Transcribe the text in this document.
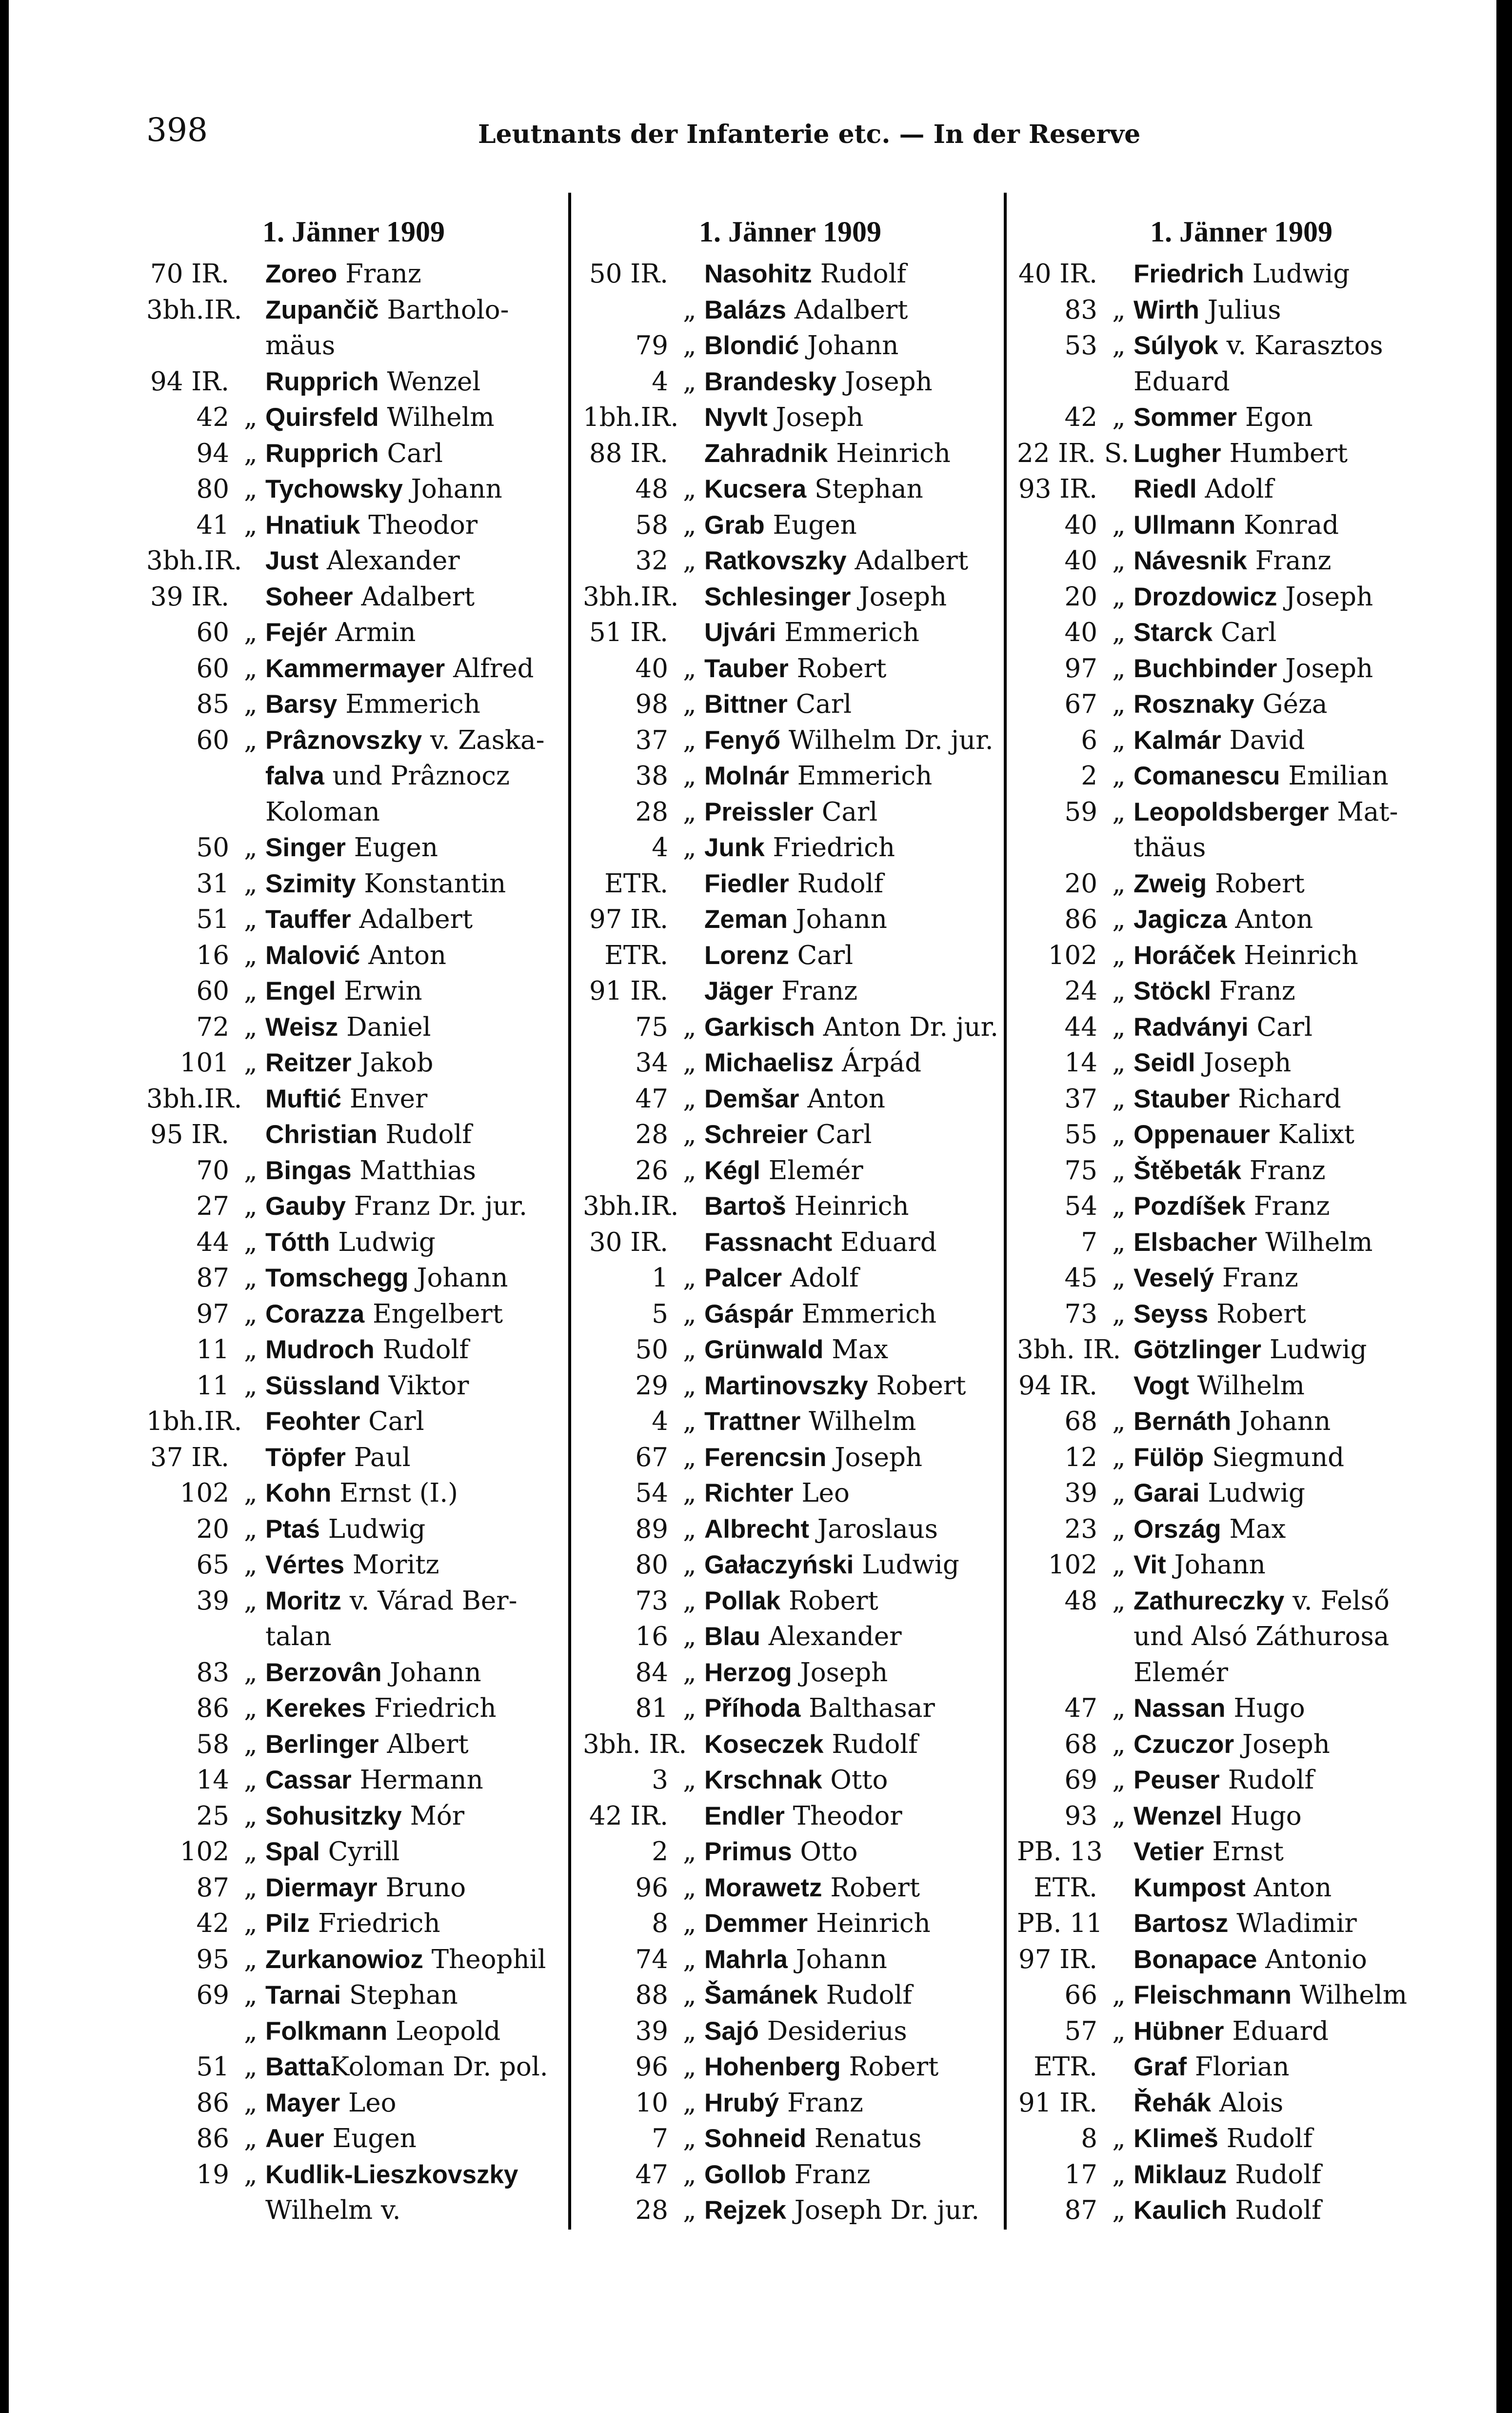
398	Leutnants der Infanterie etc. — In der Reserve
1. Jänner 1909
70 IR. Zoreo Franz
3bh.IR. Zupančič Bartholo-
mäus
94 IR. Rupprich Wenzel
42 „ Quirsfeld Wilhelm
94 „ Rupprich Carl
80 „ Tychowsky Johann
41 „ Hnatiuk Theodor
3bh.IR. Just Alexander
39 IR. Soheer Adalbert
60 „ Fejér Armin
60 „ Kammermayer Alfred
85 „ Barsy Emmerich
60 „ Prâznovszky v. Zaska-
falva und Prâznocz
Koloman
50 „ Singer Eugen
31 „ Szimity Konstantin
51 „ Tauffer Adalbert
16 „ Malović Anton
60 „ Engel Erwin
72 „ Weisz Daniel
101 „ Reitzer Jakob
3bh.IR. Muftić Enver
95 IR. Christian Rudolf
70 „ Bingas Matthias
27 „ Gauby Franz Dr. jur.
44 „ Tótth Ludwig
87 „ Tomschegg Johann
97 „ Corazza Engelbert
11 „ Mudroch Rudolf
11 „ Süssland Viktor
1bh.IR. Feohter Carl
37 IR. Töpfer Paul
102 „ Kohn Ernst (I.)
20 „ Ptaś Ludwig
65 „ Vértes Moritz
39 „ Moritz v. Várad Ber-
talan
83 „ Berzovân Johann
86 „ Kerekes Friedrich
58 „ Berlinger Albert
14 „ Cassar Hermann
25 „ Sohusitzky Mór
102 „ Spal Cyrill
87 „ Diermayr Bruno
42 „ Pilz Friedrich
95 „ Zurkanowioz Theophil
69 „ Tarnai Stephan
„ Folkmann Leopold
51 „ BattaKoloman Dr. pol.
86 „ Mayer Leo
86 „ Auer Eugen
19 „ Kudlik-Lieszkovszky
Wilhelm v.
1. Jänner 1909
50 IR. Nasohitz Rudolf
„ Balázs Adalbert
79 „ Blondić Johann
4 „ Brandesky Joseph
1bh.IR. Nyvlt Joseph
88 IR. Zahradnik Heinrich
48 „ Kucsera Stephan
58 „ Grab Eugen
32 „ Ratkovszky Adalbert
3bh.IR. Schlesinger Joseph
51 IR. Ujvári Emmerich
40 „ Tauber Robert
98 „ Bittner Carl
37 „ Fenyő Wilhelm Dr. jur.
38 „ Molnár Emmerich
28 „ Preissler Carl
4 „ Junk Friedrich
ETR. Fiedler Rudolf
97 IR. Zeman Johann
ETR. Lorenz Carl
91 IR. Jäger Franz
75 „ Garkisch Anton Dr. jur.
34 „ Michaelisz Árpád
47 „ Demšar Anton
28 „ Schreier Carl
26 „ Kégl Elemér
3bh.IR. Bartoš Heinrich
30 IR. Fassnacht Eduard
1 „ Palcer Adolf
5 „ Gáspár Emmerich
50 „ Grünwald Max
29 „ Martinovszky Robert
4 „ Trattner Wilhelm
67 „ Ferencsin Joseph
54 „ Richter Leo
89 „ Albrecht Jaroslaus
80 „ Gałaczyński Ludwig
73 „ Pollak Robert
16 „ Blau Alexander
84 „ Herzog Joseph
81 „ Příhoda Balthasar
3bh. IR. Koseczek Rudolf
3 „ Krschnak Otto
42 IR. Endler Theodor
2 „ Primus Otto
96 „ Morawetz Robert
8 „ Demmer Heinrich
74 „ Mahrla Johann
88 „ Šamánek Rudolf
39 „ Sajó Desiderius
96 „ Hohenberg Robert
10 „ Hrubý Franz
7 „ Sohneid Renatus
47 „ Gollob Franz
28 „ Rejzek Joseph Dr. jur.
1. Jänner 1909
40 IR. Friedrich Ludwig
83 „ Wirth Julius
53 „ Súlyok v. Karasztos
Eduard
42 „ Sommer Egon
22 IR. S. Lugher Humbert
93 IR. Riedl Adolf
40 „ Ullmann Konrad
40 „ Návesnik Franz
20 „ Drozdowicz Joseph
40 „ Starck Carl
97 „ Buchbinder Joseph
67 „ Rosznaky Géza
6 „ Kalmár David
2 „ Comanescu Emilian
59 „ Leopoldsberger Mat-
thäus
20 „ Zweig Robert
86 „ Jagicza Anton
102 „ Horáček Heinrich
24 „ Stöckl Franz
44 „ Radványi Carl
14 „ Seidl Joseph
37 „ Stauber Richard
55 „ Oppenauer Kalixt
75 „ Štěbeták Franz
54 „ Pozdíšek Franz
7 „ Elsbacher Wilhelm
45 „ Veselý Franz
73 „ Seyss Robert
3bh. IR. Götzlinger Ludwig
94 IR. Vogt Wilhelm
68 „ Bernáth Johann
12 „ Fülöp Siegmund
39 „ Garai Ludwig
23 „ Ország Max
102 „ Vit Johann
48 „ Zathureczky v. Felső
und Alsó Záthurosa
Elemér
47 „ Nassan Hugo
68 „ Czuczor Joseph
69 „ Peuser Rudolf
93 „ Wenzel Hugo
PB. 13 Vetier Ernst
ETR. Kumpost Anton
PB. 11 Bartosz Wladimir
97 IR. Bonapace Antonio
66 „ Fleischmann Wilhelm
57 „ Hübner Eduard
ETR. Graf Florian
91 IR. Řehák Alois
8 „ Klimeš Rudolf
17 „ Miklauz Rudolf
87 „ Kaulich Rudolf
